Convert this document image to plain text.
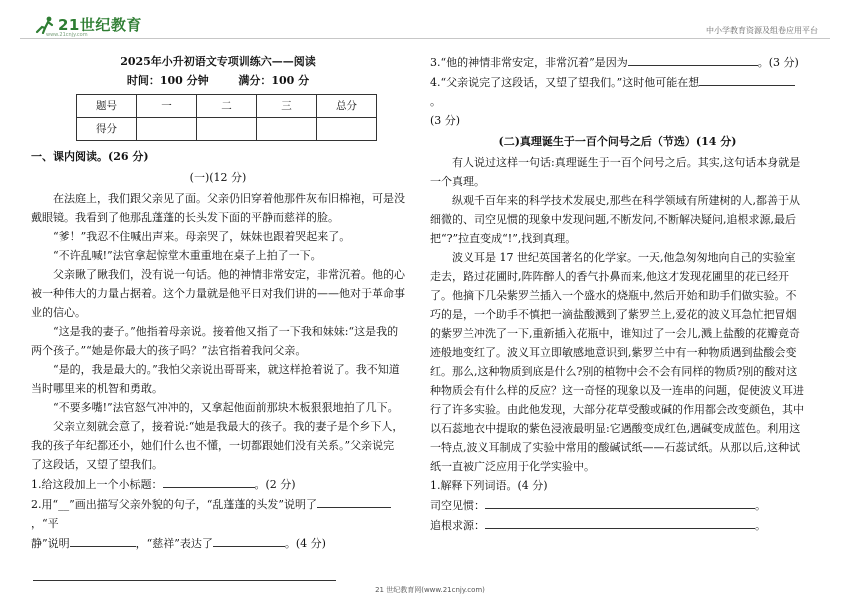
21世纪教育
www.21cnjy.com	中小学教育资源及组卷应用平台

2025年小升初语文专项训练六——阅读

时间：100 分钟	满分：100 分

题号	一	二	三	总分
得分				

一、课内阅读。(26 分)

(一)(12 分)

在法庭上，我们跟父亲见了面。父亲仍旧穿着他那件灰布旧棉袍，可是没戴眼镜。我看到了他那乱蓬蓬的长头发下面的平静而慈祥的脸。

“爹！”我忍不住喊出声来。母亲哭了，妹妹也跟着哭起来了。

“不许乱喊!”法官拿起惊堂木重重地在桌子上拍了一下。

父亲瞅了瞅我们，没有说一句话。他的神情非常安定，非常沉着。他的心被一种伟大的力量占据着。这个力量就是他平日对我们讲的——他对于革命事业的信心。

“这是我的妻子。”他指着母亲说。接着他又指了一下我和妹妹:“这是我的两个孩子。”“她是你最大的孩子吗？”法官指着我问父亲。

“是的，我是最大的。”我怕父亲说出哥哥来，就这样抢着说了。我不知道当时哪里来的机智和勇敢。

“不要多嘴!”法官怒气冲冲的，又拿起他面前那块木板狠狠地拍了几下。

父亲立刻就会意了，接着说:“她是我最大的孩子。我的妻子是个乡下人，我的孩子年纪都还小，她们什么也不懂，一切都跟她们没有关系。”父亲说完了这段话，又望了望我们。

1.给这段加上一个小标题：	。(2 分)

2.用“__”画出描写父亲外貌的句子，“乱蓬蓬的头发”说明了，“平
静”说明	，“慈祥”表达了	。(4 分)

3.“他的神情非常安定，非常沉着”是因为	。(3 分)

4.“父亲说完了这段话，又望了望我们。”这时他可能在想。
(3 分)

(二)真理诞生于一百个问号之后（节选）(14 分)

有人说过这样一句话:真理诞生于一百个问号之后。其实,这句话本身就是一个真理。

纵观千百年来的科学技术发展史,那些在科学领域有所建树的人,都善于从细微的、司空见惯的现象中发现问题,不断发问,不断解决疑问,追根求源,最后把“?”拉直变成“!”,找到真理。

波义耳是 17 世纪英国著名的化学家。一天,他急匆匆地向自己的实验室走去，路过花圃时,阵阵醉人的香气扑鼻而来,他这才发现花圃里的花已经开了。他摘下几朵紫罗兰插入一个盛水的烧瓶中,然后开始和助手们做实验。不巧的是，一个助手不慎把一滴盐酸溅到了紫罗兰上,爱花的波义耳急忙把冒烟的紫罗兰冲洗了一下,重新插入花瓶中，谁知过了一会儿,溅上盐酸的花瓣竟奇迹般地变红了。波义耳立即敏感地意识到,紫罗兰中有一种物质遇到盐酸会变红。那么,这种物质到底是什么?别的植物中会不会有同样的物质?别的酸对这种物质会有什么样的反应？这一奇怪的现象以及一连串的问题，促使波义耳进行了许多实验。由此他发现，大部分花草受酸或碱的作用都会改变颜色，其中以石蕊地衣中提取的紫色浸液最明显:它遇酸变成红色,遇碱变成蓝色。利用这一特点,波义耳制成了实验中常用的酸碱试纸——石蕊试纸。从那以后,这种试纸一直被广泛应用于化学实验中。

1.解释下列词语。(4 分)

司空见惯：	。

追根求源：	。

21 世纪教育网(www.21cnjy.com)
